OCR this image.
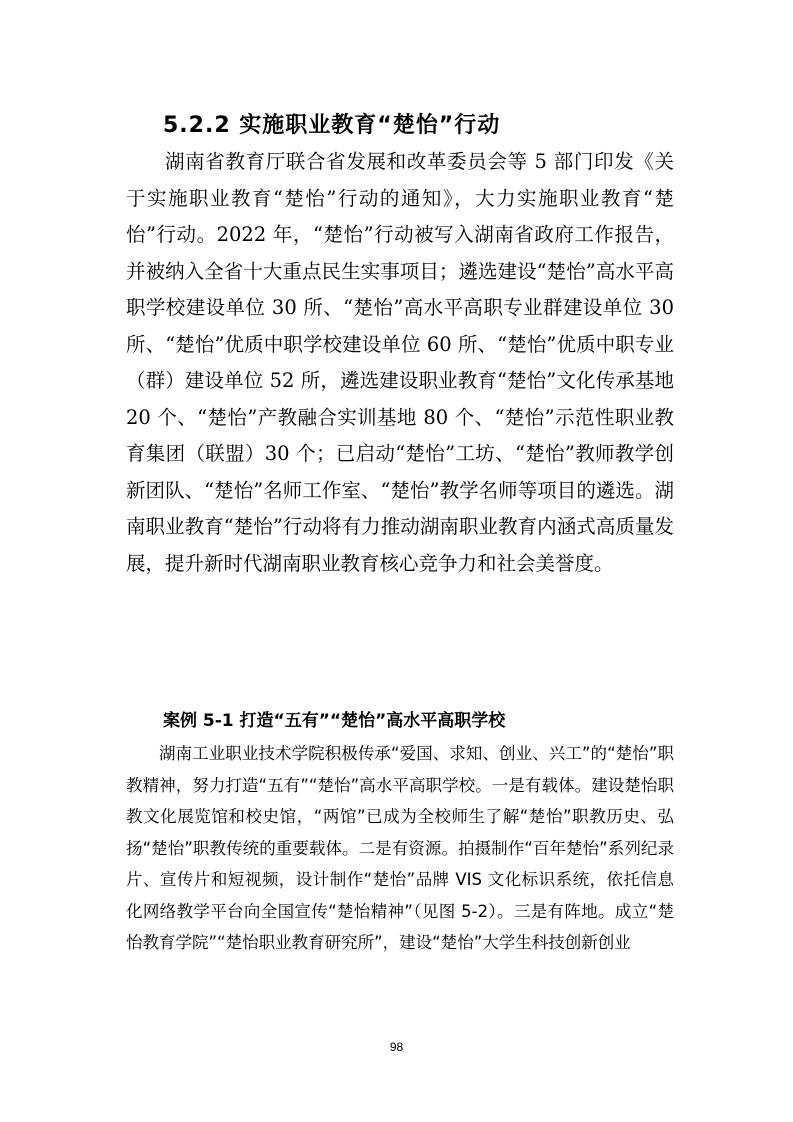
5.2.2 实施职业教育“楚怡”行动

湖南省教育厅联合省发展和改革委员会等 5 部门印发《关于实施职业教育“楚怡”行动的通知》，大力实施职业教育“楚怡”行动。2022 年，“楚怡”行动被写入湖南省政府工作报告，并被纳入全省十大重点民生实事项目；遴选建设“楚怡”高水平高职学校建设单位 30 所、“楚怡”高水平高职专业群建设单位 30 所、“楚怡”优质中职学校建设单位 60 所、“楚怡”优质中职专业（群）建设单位 52 所，遴选建设职业教育“楚怡”文化传承基地 20 个、“楚怡”产教融合实训基地 80 个、“楚怡”示范性职业教育集团（联盟）30 个；已启动“楚怡”工坊、“楚怡”教师教学创新团队、“楚怡”名师工作室、“楚怡”教学名师等项目的遴选。湖南职业教育“楚怡”行动将有力推动湖南职业教育内涵式高质量发展，提升新时代湖南职业教育核心竞争力和社会美誉度。

案例 5-1 打造“五有”“楚怡”高水平高职学校

湖南工业职业技术学院积极传承“爱国、求知、创业、兴工”的“楚怡”职教精神，努力打造“五有”“楚怡”高水平高职学校。一是有载体。建设楚怡职教文化展览馆和校史馆，“两馆”已成为全校师生了解“楚怡”职教历史、弘扬“楚怡”职教传统的重要载体。二是有资源。拍摄制作“百年楚怡”系列纪录片、宣传片和短视频，设计制作“楚怡”品牌 VIS 文化标识系统，依托信息化网络教学平台向全国宣传“楚怡精神”（见图 5-2）。三是有阵地。成立“楚怡教育学院”“楚怡职业教育研究所”，建设“楚怡”大学生科技创新创业

98
